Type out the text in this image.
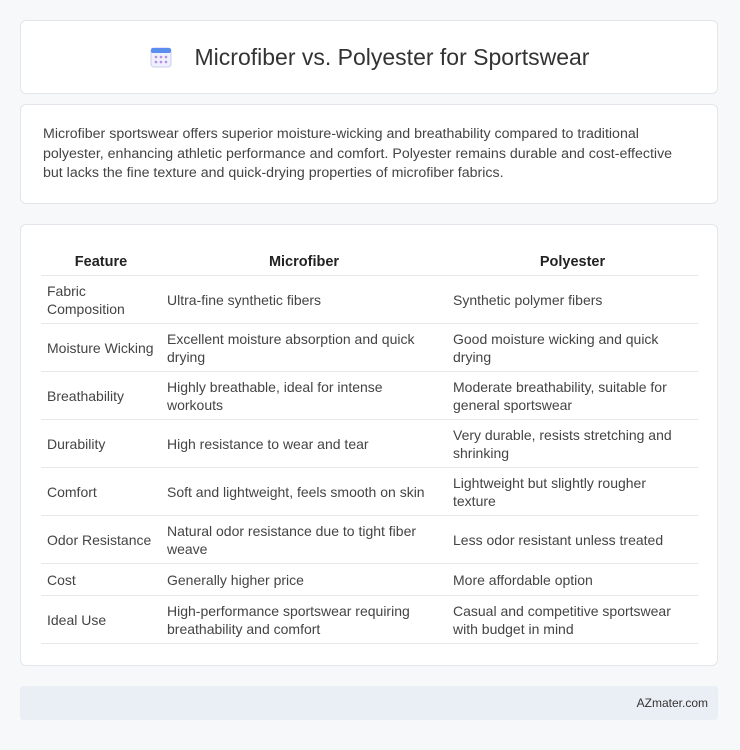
Microfiber vs. Polyester for Sportswear
Microfiber sportswear offers superior moisture-wicking and breathability compared to traditional polyester, enhancing athletic performance and comfort. Polyester remains durable and cost-effective but lacks the fine texture and quick-drying properties of microfiber fabrics.
Feature	Microfiber	Polyester
Fabric Composition	Ultra-fine synthetic fibers	Synthetic polymer fibers
Moisture Wicking	Excellent moisture absorption and quick drying	Good moisture wicking and quick drying
Breathability	Highly breathable, ideal for intense workouts	Moderate breathability, suitable for general sportswear
Durability	High resistance to wear and tear	Very durable, resists stretching and shrinking
Comfort	Soft and lightweight, feels smooth on skin	Lightweight but slightly rougher texture
Odor Resistance	Natural odor resistance due to tight fiber weave	Less odor resistant unless treated
Cost	Generally higher price	More affordable option
Ideal Use	High-performance sportswear requiring breathability and comfort	Casual and competitive sportswear with budget in mind
AZmater.com
